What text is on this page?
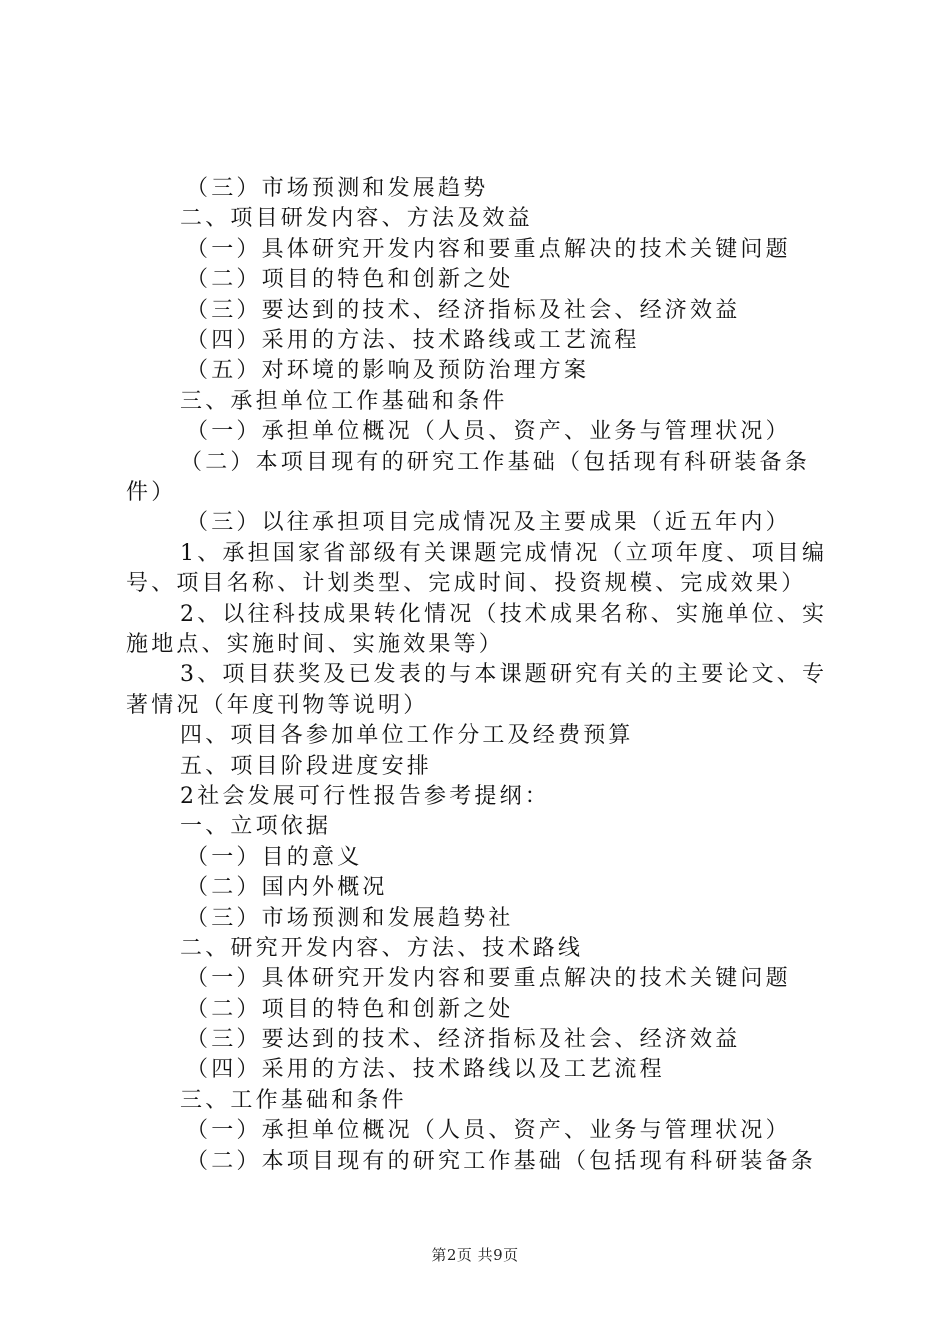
（三）市场预测和发展趋势
二、项目研发内容、方法及效益
（一）具体研究开发内容和要重点解决的技术关键问题
（二）项目的特色和创新之处
（三）要达到的技术、经济指标及社会、经济效益
（四）采用的方法、技术路线或工艺流程
（五）对环境的影响及预防治理方案
三、承担单位工作基础和条件
（一）承担单位概况（人员、资产、业务与管理状况）
（二）本项目现有的研究工作基础（包括现有科研装备条件）
（三）以往承担项目完成情况及主要成果（近五年内）
1、承担国家省部级有关课题完成情况（立项年度、项目编号、项目名称、计划类型、完成时间、投资规模、完成效果）
2、以往科技成果转化情况（技术成果名称、实施单位、实施地点、实施时间、实施效果等）
3、项目获奖及已发表的与本课题研究有关的主要论文、专著情况（年度刊物等说明）
四、项目各参加单位工作分工及经费预算
五、项目阶段进度安排
2社会发展可行性报告参考提纲：
一、立项依据
（一）目的意义
（二）国内外概况
（三）市场预测和发展趋势社
二、研究开发内容、方法、技术路线
（一）具体研究开发内容和要重点解决的技术关键问题
（二）项目的特色和创新之处
（三）要达到的技术、经济指标及社会、经济效益
（四）采用的方法、技术路线以及工艺流程
三、工作基础和条件
（一）承担单位概况（人员、资产、业务与管理状况）
（二）本项目现有的研究工作基础（包括现有科研装备条
第2页 共9页
